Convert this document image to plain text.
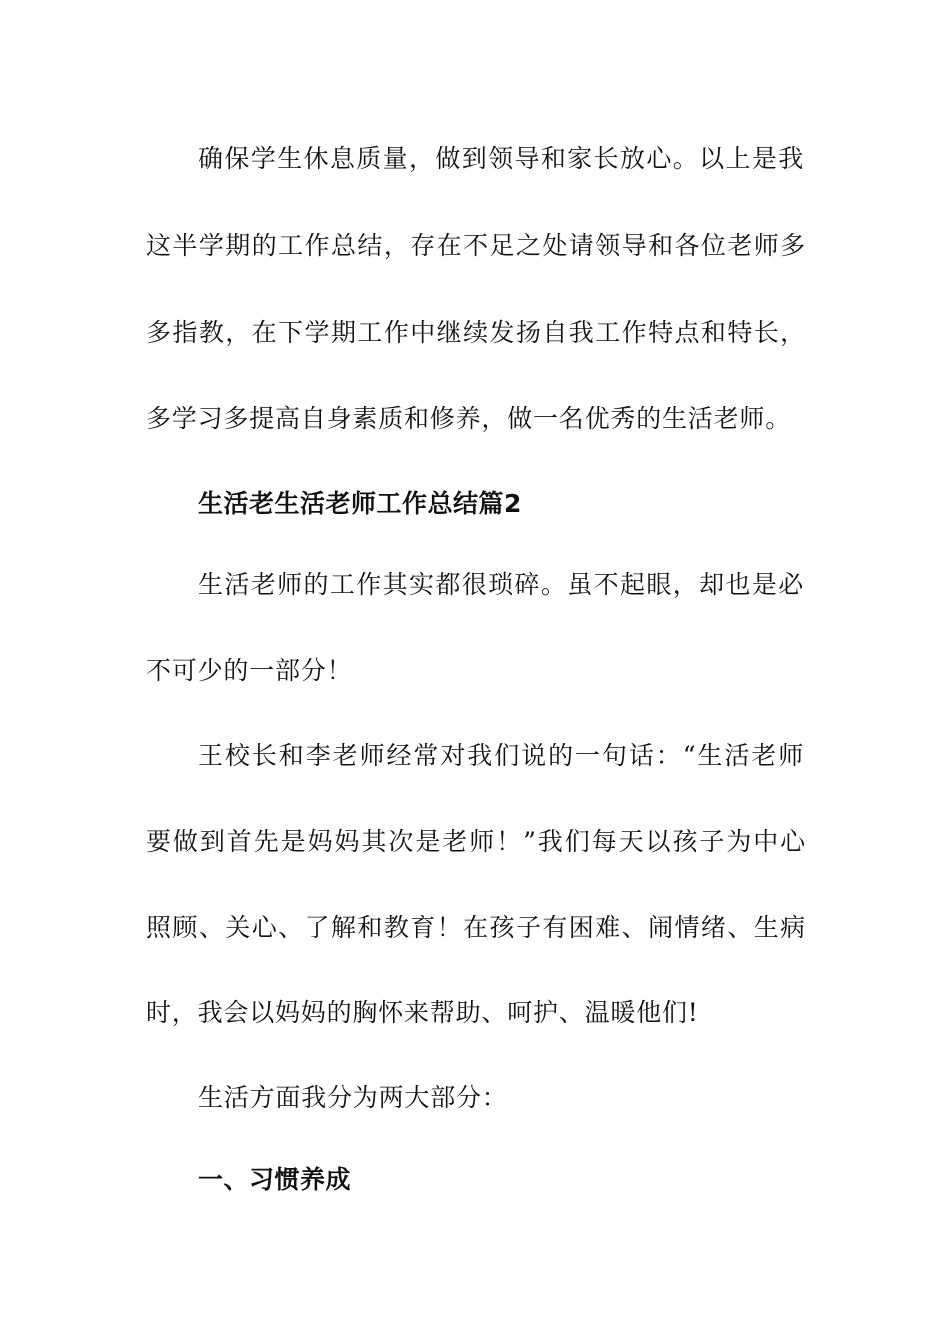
确保学生休息质量，做到领导和家长放心。以上是我
这半学期的工作总结，存在不足之处请领导和各位老师多
多指教，在下学期工作中继续发扬自我工作特点和特长，
多学习多提高自身素质和修养，做一名优秀的生活老师。
生活老生活老师工作总结篇2
生活老师的工作其实都很琐碎。虽不起眼，却也是必
不可少的一部分！
王校长和李老师经常对我们说的一句话：“生活老师
要做到首先是妈妈其次是老师！”我们每天以孩子为中心
照顾、关心、了解和教育！在孩子有困难、闹情绪、生病
时，我会以妈妈的胸怀来帮助、呵护、温暖他们!
生活方面我分为两大部分：
一、习惯养成
